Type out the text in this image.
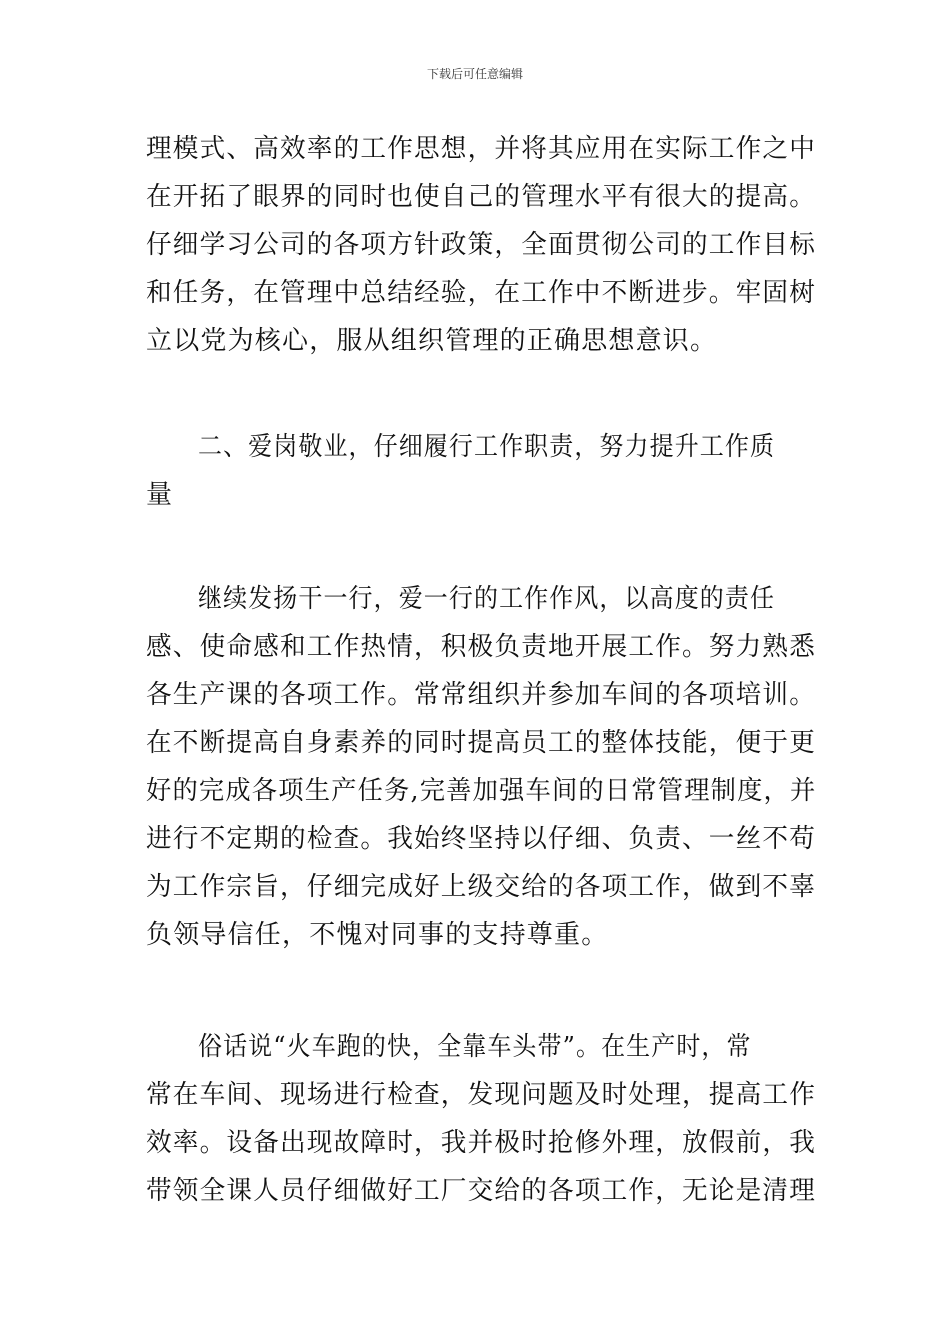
下载后可任意编辑
理模式、高效率的工作思想，并将其应用在实际工作之中
在开拓了眼界的同时也使自己的管理水平有很大的提高。
仔细学习公司的各项方针政策，全面贯彻公司的工作目标
和任务，在管理中总结经验，在工作中不断进步。牢固树
立以党为核心，服从组织管理的正确思想意识。
二、爱岗敬业，仔细履行工作职责，努力提升工作质
量
继续发扬干一行，爱一行的工作作风，以高度的责任
感、使命感和工作热情，积极负责地开展工作。努力熟悉
各生产课的各项工作。常常组织并参加车间的各项培训。
在不断提高自身素养的同时提高员工的整体技能，便于更
好的完成各项生产任务,完善加强车间的日常管理制度，并
进行不定期的检查。我始终坚持以仔细、负责、一丝不苟
为工作宗旨，仔细完成好上级交给的各项工作，做到不辜
负领导信任，不愧对同事的支持尊重。
俗话说“火车跑的快，全靠车头带”。在生产时，常
常在车间、现场进行检查，发现问题及时处理，提高工作
效率。设备出现故障时，我并极时抢修外理，放假前，我
带领全课人员仔细做好工厂交给的各项工作，无论是清理
